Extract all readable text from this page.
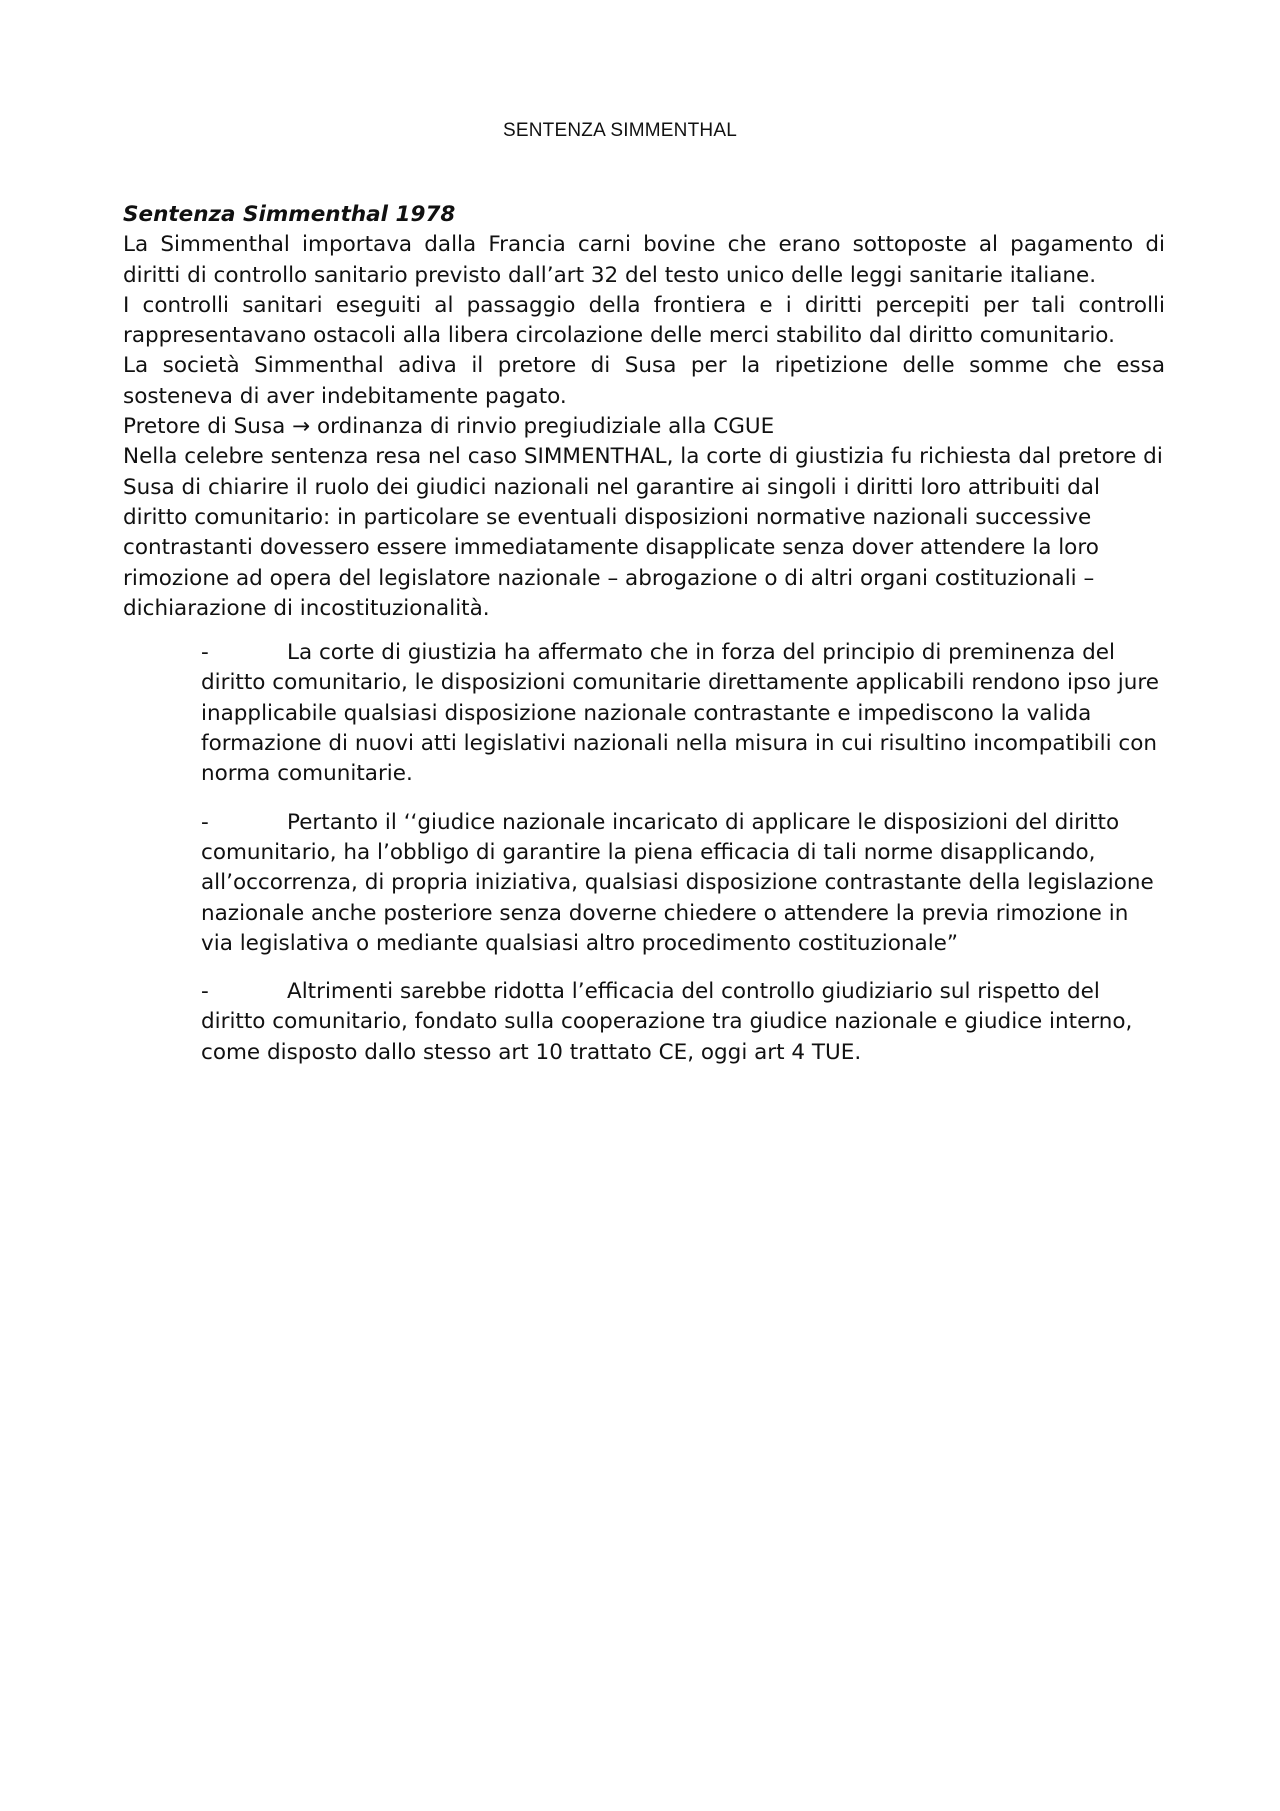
SENTENZA SIMMENTHAL

Sentenza Simmenthal 1978

La Simmenthal importava dalla Francia carni bovine che erano sottoposte al pagamento di diritti di controllo sanitario previsto dall’art 32 del testo unico delle leggi sanitarie italiane.

I controlli sanitari eseguiti al passaggio della frontiera e i diritti percepiti per tali controlli rappresentavano ostacoli alla libera circolazione delle merci stabilito dal diritto comunitario.

La società Simmenthal adiva il pretore di Susa per la ripetizione delle somme che essa sosteneva di aver indebitamente pagato.

Pretore di Susa → ordinanza di rinvio pregiudiziale alla CGUE

Nella celebre sentenza resa nel caso SIMMENTHAL, la corte di giustizia fu richiesta dal pretore di Susa di chiarire il ruolo dei giudici nazionali nel garantire ai singoli i diritti loro attribuiti dal diritto comunitario: in particolare se eventuali disposizioni normative nazionali successive contrastanti dovessero essere immediatamente disapplicate senza dover attendere la loro rimozione ad opera del legislatore nazionale – abrogazione o di altri organi costituzionali – dichiarazione di incostituzionalità.

-	La corte di giustizia ha affermato che in forza del principio di preminenza del diritto comunitario, le disposizioni comunitarie direttamente applicabili rendono ipso jure inapplicabile qualsiasi disposizione nazionale contrastante e impediscono la valida formazione di nuovi atti legislativi nazionali nella misura in cui risultino incompatibili con norma comunitarie.
-	Pertanto il ‘‘giudice nazionale incaricato di applicare le disposizioni del diritto comunitario, ha l’obbligo di garantire la piena efficacia di tali norme disapplicando, all’occorrenza, di propria iniziativa, qualsiasi disposizione contrastante della legislazione nazionale anche posteriore senza doverne chiedere o attendere la previa rimozione in via legislativa o mediante qualsiasi altro procedimento costituzionale”
-	Altrimenti sarebbe ridotta l’efficacia del controllo giudiziario sul rispetto del diritto comunitario, fondato sulla cooperazione tra giudice nazionale e giudice interno, come disposto dallo stesso art 10 trattato CE, oggi art 4 TUE.
